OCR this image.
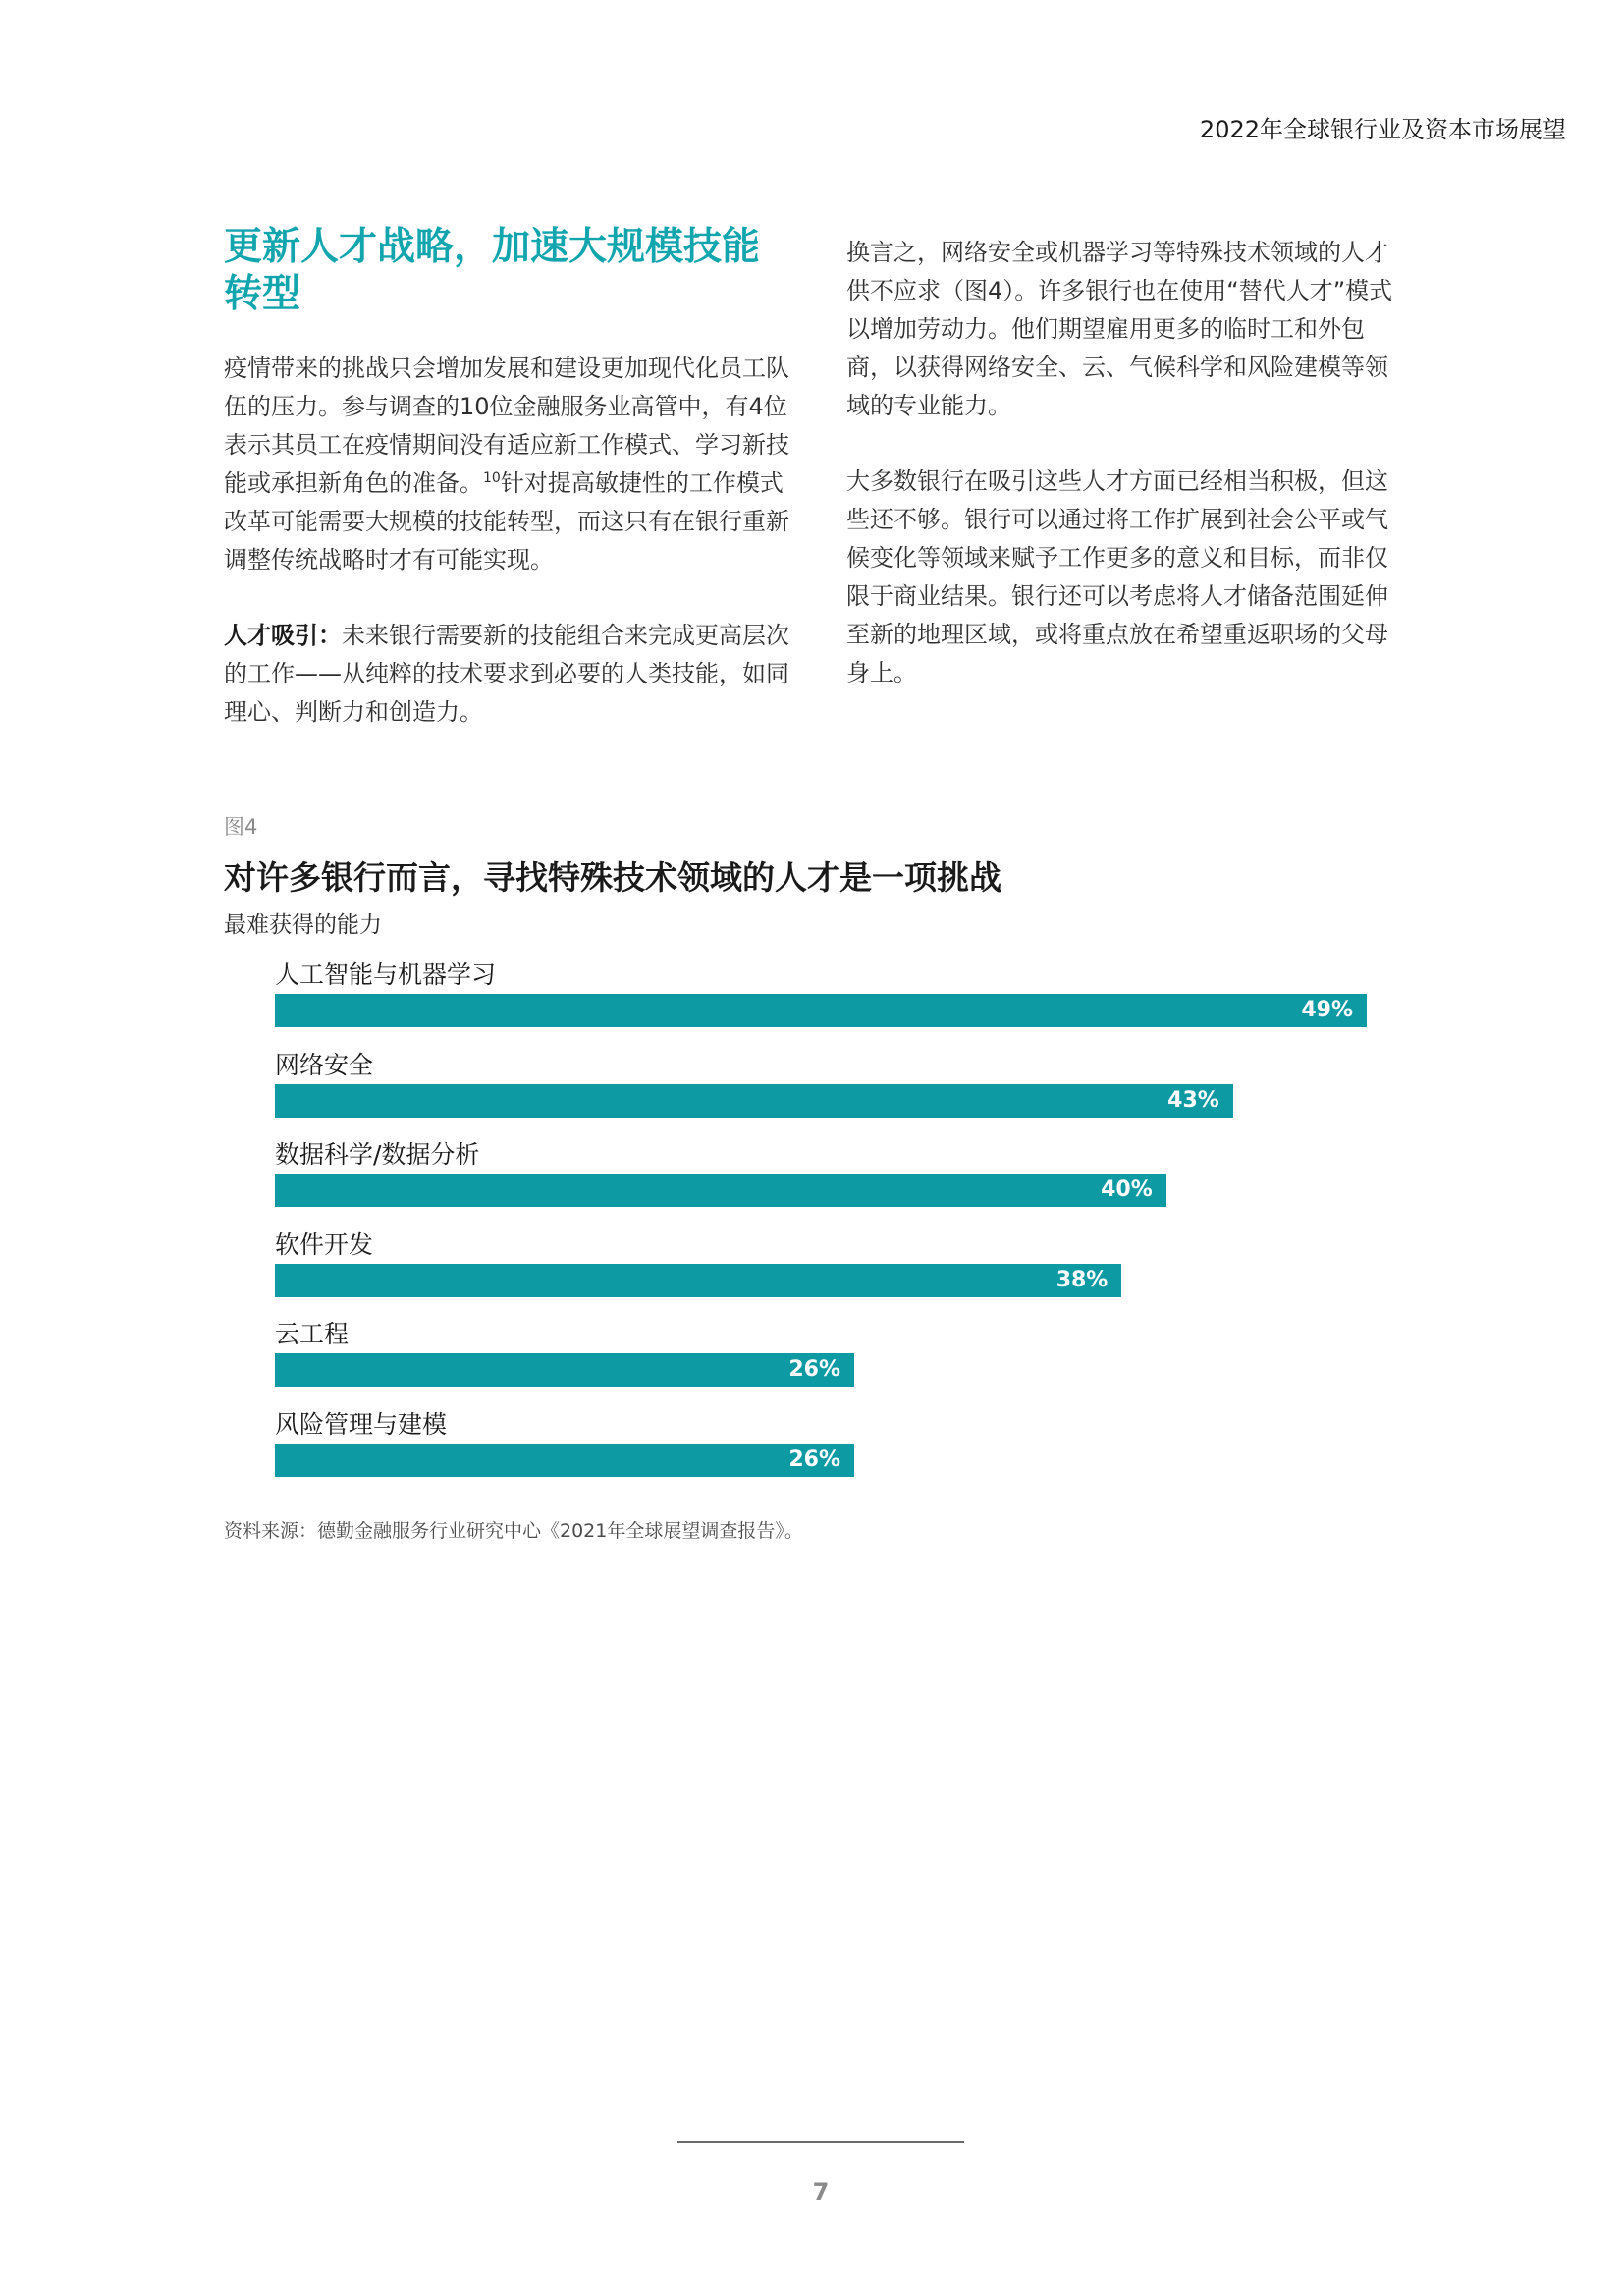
2022年全球银行业及资本市场展望
更新人才战略，加速大规模技能
转型

疫情带来的挑战只会增加发展和建设更加现代化员工队伍的压力。参与调查的10位金融服务业高管中，有4位表示其员工在疫情期间没有适应新工作模式、学习新技能或承担新角色的准备。$^{10}$针对提高敏捷性的工作模式改革可能需要大规模的技能转型，而这只有在银行重新调整传统战略时才有可能实现。

人才吸引：未来银行需要新的技能组合来完成更高层次的工作——从纯粹的技术要求到必要的人类技能，如同理心、判断力和创造力。

换言之，网络安全或机器学习等特殊技术领域的人才供不应求（图4）。许多银行也在使用“替代人才”模式以增加劳动力。他们期望雇用更多的临时工和外包商，以获得网络安全、云、气候科学和风险建模等领域的专业能力。

大多数银行在吸引这些人才方面已经相当积极，但这些还不够。银行可以通过将工作扩展到社会公平或气候变化等领域来赋予工作更多的意义和目标，而非仅限于商业结果。银行还可以考虑将人才储备范围延伸至新的地理区域，或将重点放在希望重返职场的父母身上。

图4
对许多银行而言，寻找特殊技术领域的人才是一项挑战
最难获得的能力
人工智能与机器学习
49%
网络安全
43%
数据科学/数据分析
40%
软件开发
38%
云工程
26%
风险管理与建模
26%
资料来源：德勤金融服务行业研究中心《2021年全球展望调查报告》。
7
